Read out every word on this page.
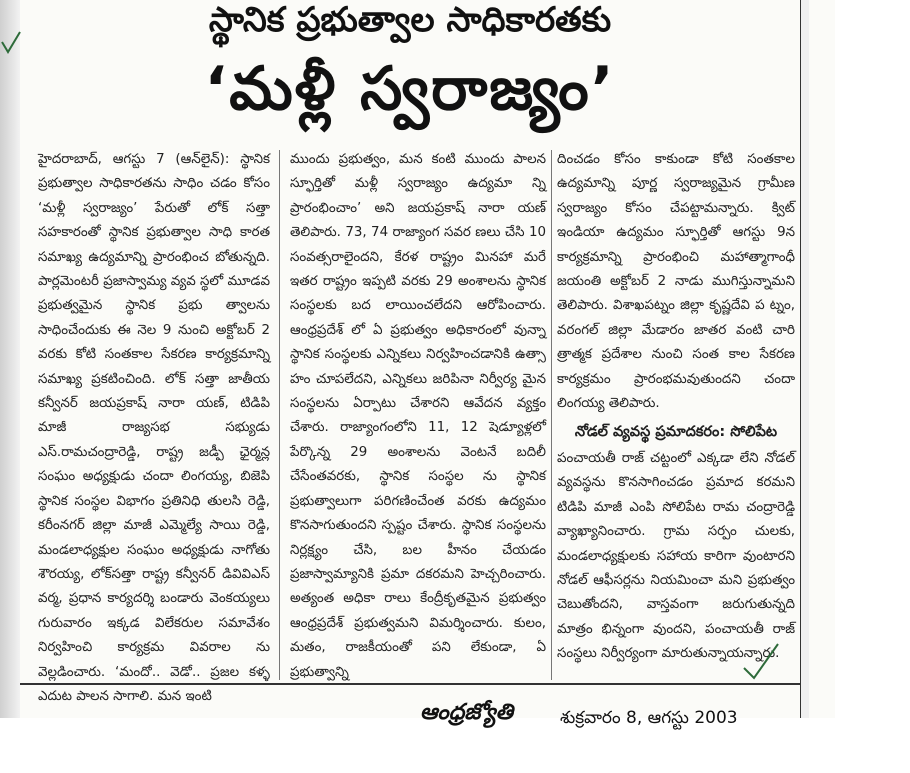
స్థానిక ప్రభుత్వాల సాధికారతకు
‘మళ్లీ స్వరాజ్యం’

హైదరాబాద్, ఆగస్టు 7 (ఆన్‌లైన్): స్థానిక ప్రభుత్వాల సాధికారతను సాధిం చడం కోసం ‘మళ్లీ స్వరాజ్యం’ పేరుతో లోక్ సత్తా సహకారంతో స్థానిక ప్రభుత్వాల సాధి కారత సమాఖ్య ఉద్యమాన్ని ప్రారంభించ బోతున్నది. పార్లమెంటరీ ప్రజాస్వామ్య వ్యవ స్థలో మూడవ ప్రభుత్వమైన స్థానిక ప్రభు త్వాలను సాధించేందుకు ఈ నెల 9 నుంచి అక్టోబర్ 2 వరకు కోటి సంతకాల సేకరణ కార్యక్రమాన్ని సమాఖ్య ప్రకటించింది. లోక్ సత్తా జాతీయ కన్వీనర్ జయప్రకాష్ నారా యణ్, టిడిపి మాజీ రాజ్యసభ సభ్యుడు ఎస్.రామచంద్రారెడ్డి, రాష్ట్ర జడ్పీ ఛైర్మన్ల సంఘం అధ్యక్షుడు చందా లింగయ్య, బిజెపి స్థానిక సంస్థల విభాగం ప్రతినిధి తులసి రెడ్డి, కరీంనగర్ జిల్లా మాజీ ఎమ్మెల్యే సాయి రెడ్డి, మండలాధ్యక్షుల సంఘం అధ్యక్షుడు నాగోతు శౌరయ్య, లోక్‌సత్తా రాష్ట్ర కన్వీనర్ డివివిఎస్ వర్మ, ప్రధాన కార్యదర్శి బండారు వెంకయ్యలు గురువారం ఇక్కడ విలేకరుల సమావేశం నిర్వహించి కార్యక్రమ వివరాల ను వెల్లడించారు. ‘మందో.. వెడో.. ప్రజల కళ్ళ ఎదుట పాలన సాగాలి. మన ఇంటి

ముందు ప్రభుత్వం, మన కంటి ముందు పాలన స్ఫూర్తితో మళ్లీ స్వరాజ్యం ఉద్యమా న్ని ప్రారంభించాం’ అని జయప్రకాష్ నారా యణ్ తెలిపారు. 73, 74 రాజ్యాంగ సవర ణలు చేసి 10 సంవత్సరాలైందని, కేరళ రాష్ట్రం మినహా మరే ఇతర రాష్ట్రం ఇప్పటి వరకు 29 అంశాలను స్థానిక సంస్థలకు బద లాయించలేదని ఆరోపించారు. ఆంధ్రప్రదేశ్ లో ఏ ప్రభుత్వం అధికారంలో వున్నా స్థానిక సంస్థలకు ఎన్నికలు నిర్వహించడానికి ఉత్సా హం చూపలేదని, ఎన్నికలు జరిపినా నిర్వీర్య మైన సంస్థలను ఏర్పాటు చేశారని ఆవేదన వ్యక్తం చేశారు. రాజ్యాంగంలోని 11, 12 షెడ్యూళ్లలో పేర్కొన్న 29 అంశాలను వెంటనే బదిలీ చేసేంతవరకు, స్థానిక సంస్థల ను స్థానిక ప్రభుత్వాలుగా పరిగణించేంత వరకు ఉద్యమం కొనసాగుతుందని స్పష్టం చేశారు. స్థానిక సంస్థలను నిర్లక్ష్యం చేసి, బల హీనం చేయడం ప్రజాస్వామ్యానికి ప్రమా దకరమని హెచ్చరించారు. అత్యంత అధికా రాలు కేంద్రీకృతమైన ప్రభుత్వం ఆంధ్రప్రదేశ్ ప్రభుత్వమని విమర్శించారు. కులం, మతం, రాజకీయంతో పని లేకుండా, ఏ ప్రభుత్వాన్ని

దించడం కోసం కాకుండా కోటి సంతకాల ఉద్యమాన్ని పూర్ణ స్వరాజ్యమైన గ్రామీణ స్వరాజ్యం కోసం చేపట్టామన్నారు. క్విట్ ఇండియా ఉద్యమం స్ఫూర్తితో ఆగస్టు 9న కార్యక్రమాన్ని ప్రారంభించి మహాత్మాగాంధీ జయంతి అక్టోబర్ 2 నాడు ముగిస్తున్నామని తెలిపారు. విశాఖపట్నం జిల్లా కృష్ణదేవి ప ట్నం, వరంగల్ జిల్లా మేడారం జాతర వంటి చారి త్రాత్మక ప్రదేశాల నుంచి సంత కాల సేకరణ కార్యక్రమం ప్రారంభమవుతుందని చందా లింగయ్య తెలిపారు.

నోడల్ వ్యవస్థ ప్రమాదకరం: సోలిపేట

పంచాయతీ రాజ్ చట్టంలో ఎక్కడా లేని నోడల్ వ్యవస్థను కొనసాగించడం ప్రమాద కరమని టిడిపి మాజీ ఎంపి సోలిపేట రామ చంద్రారెడ్డి వ్యాఖ్యానించారు. గ్రామ సర్పం చులకు, మండలాధ్యక్షులకు సహాయ కారిగా వుంటారని నోడల్ ఆఫీసర్లను నియమించా మని ప్రభుత్వం చెబుతోందని, వాస్తవంగా జరుగుతున్నది మాత్రం భిన్నంగా వుందని, పంచాయతీ రాజ్ సంస్థలు నిర్వీర్యంగా మారుతున్నాయన్నారు.

ఆంధ్రజ్యోతి	శుక్రవారం 8, ఆగస్టు 2003
